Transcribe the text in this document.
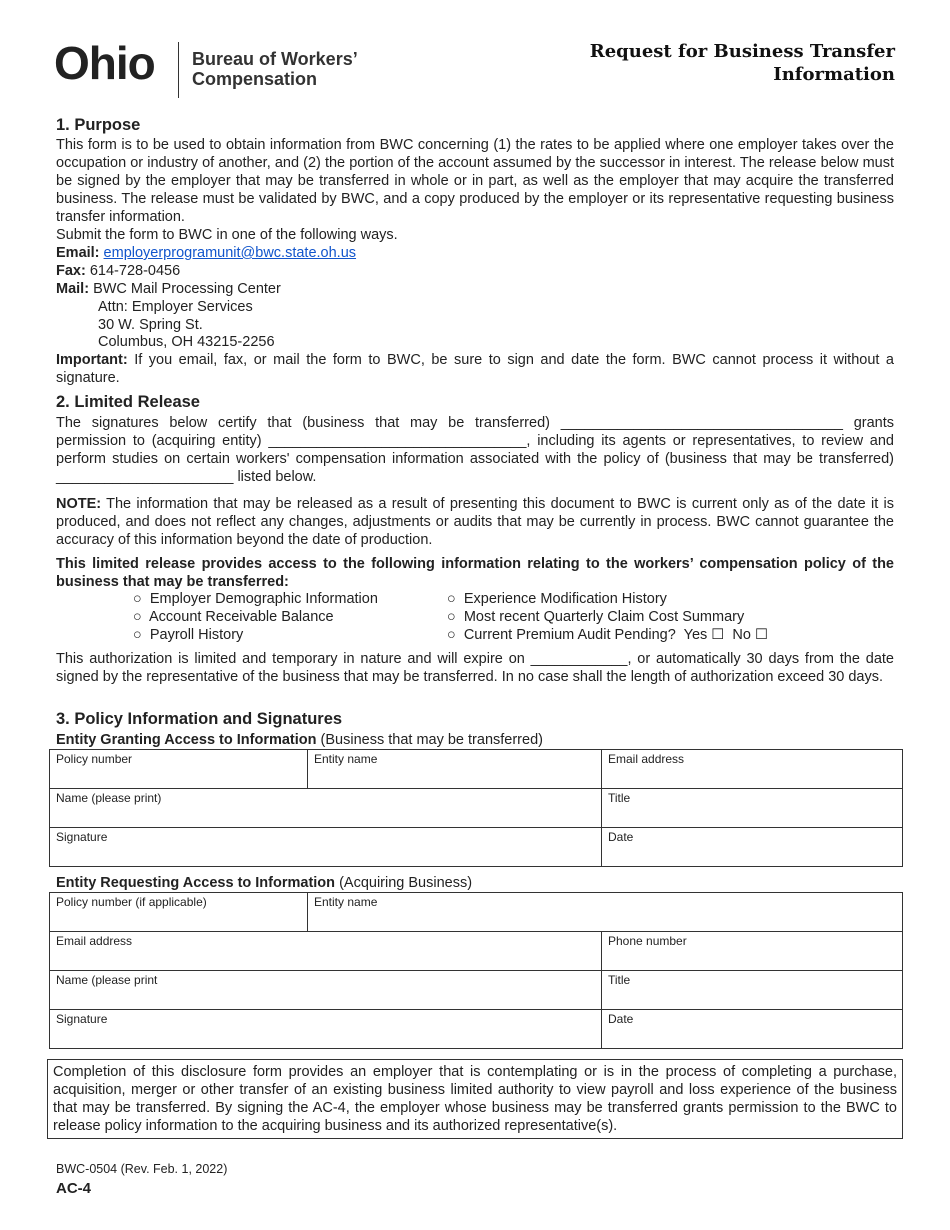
Ohio Bureau of Workers’
Compensation
Request for Business Transfer
Information
1. Purpose
This form is to be used to obtain information from BWC concerning (1) the rates to be applied where one employer takes over the occupation or industry of another, and (2) the portion of the account assumed by the successor in interest. The release below must be signed by the employer that may be transferred in whole or in part, as well as the employer that may acquire the transferred business. The release must be validated by BWC, and a copy produced by the employer or its representative requesting business transfer information.
Submit the form to BWC in one of the following ways.
Email: employerprogramunit@bwc.state.oh.us
Fax: 614-728-0456
Mail: BWC Mail Processing Center
Attn: Employer Services
30 W. Spring St.
Columbus, OH 43215-2256
Important: If you email, fax, or mail the form to BWC, be sure to sign and date the form. BWC cannot process it without a signature.
2. Limited Release
The signatures below certify that (business that may be transferred) ___________________________________ grants permission to (acquiring entity) ________________________________, including its agents or representatives, to review and perform studies on certain workers' compensation information associated with the policy of (business that may be transferred) ______________________ listed below.
NOTE: The information that may be released as a result of presenting this document to BWC is current only as of the date it is produced, and does not reflect any changes, adjustments or audits that may be currently in process. BWC cannot guarantee the accuracy of this information beyond the date of production.
This limited release provides access to the following information relating to the workers’ compensation policy of the business that may be transferred:
○  Employer Demographic Information
○  Account Receivable Balance
○  Payroll History
○  Experience Modification History
○  Most recent Quarterly Claim Cost Summary
○  Current Premium Audit Pending? Yes ☐ No ☐
This authorization is limited and temporary in nature and will expire on ____________, or automatically 30 days from the date signed by the representative of the business that may be transferred. In no case shall the length of authorization exceed 30 days.
3. Policy Information and Signatures
Entity Granting Access to Information (Business that may be transferred)
Policy number	Entity name	Email address
Name (please print)		Title
Signature		Date
Entity Requesting Access to Information (Acquiring Business)
Policy number (if applicable)	Entity name	
Email address		Phone number
Name (please print		Title
Signature		Date
Completion of this disclosure form provides an employer that is contemplating or is in the process of completing a purchase, acquisition, merger or other transfer of an existing business limited authority to view payroll and loss experience of the business that may be transferred. By signing the AC-4, the employer whose business may be transferred grants permission to the BWC to release policy information to the acquiring business and its authorized representative(s).
BWC-0504 (Rev. Feb. 1, 2022)
AC-4
